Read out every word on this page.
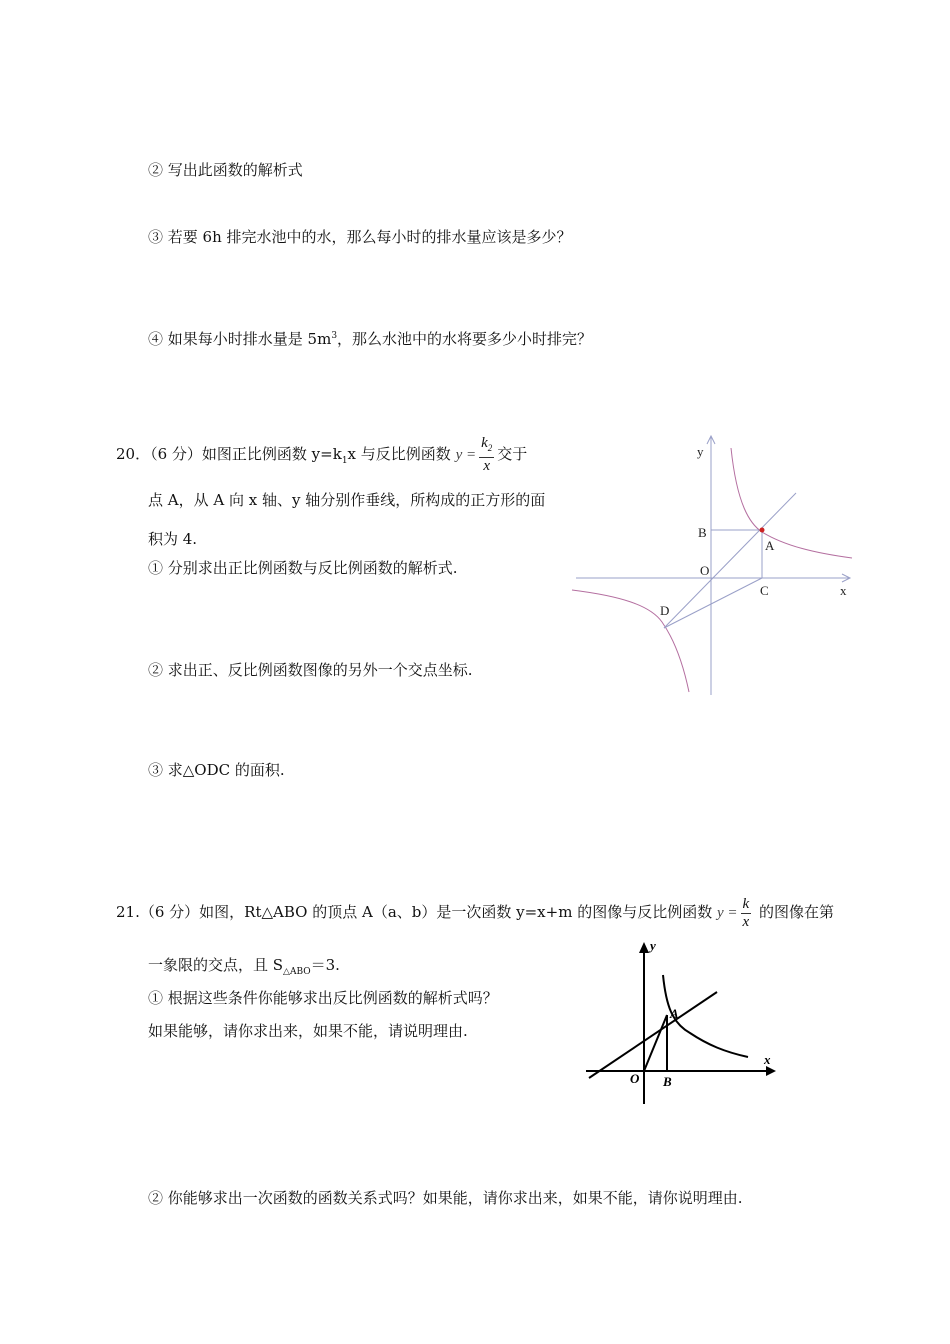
② 写出此函数的解析式
③ 若要 6h 排完水池中的水，那么每小时的排水量应该是多少？
④ 如果每小时排水量是 $5m^3$，那么水池中的水将要多少小时排完？
20．（6 分）如图正比例函数 $y=k_1x$ 与反比例函数 $y = \frac{k_2}{x}$ 交于
点 A，从 A 向 x 轴、y 轴分别作垂线，所构成的正方形的面
积为 4.
① 分别求出正比例函数与反比例函数的解析式.
② 求出正、反比例函数图像的另外一个交点坐标.
③ 求△ODC 的面积.
y
B
A
O
C	x
D
21.（6 分）如图，Rt△ABO 的顶点 A（a、b）是一次函数 y=x+m 的图像与反比例函数 $y = \frac{k}{x}$ 的图像在第
一象限的交点，且 $S_{\triangle ABO}=3$.
① 根据这些条件你能够求出反比例函数的解析式吗？
如果能够，请你求出来，如果不能，请说明理由.
② 你能够求出一次函数的函数关系式吗？如果能，请你求出来，如果不能，请你说明理由.
y
A
x
O B
